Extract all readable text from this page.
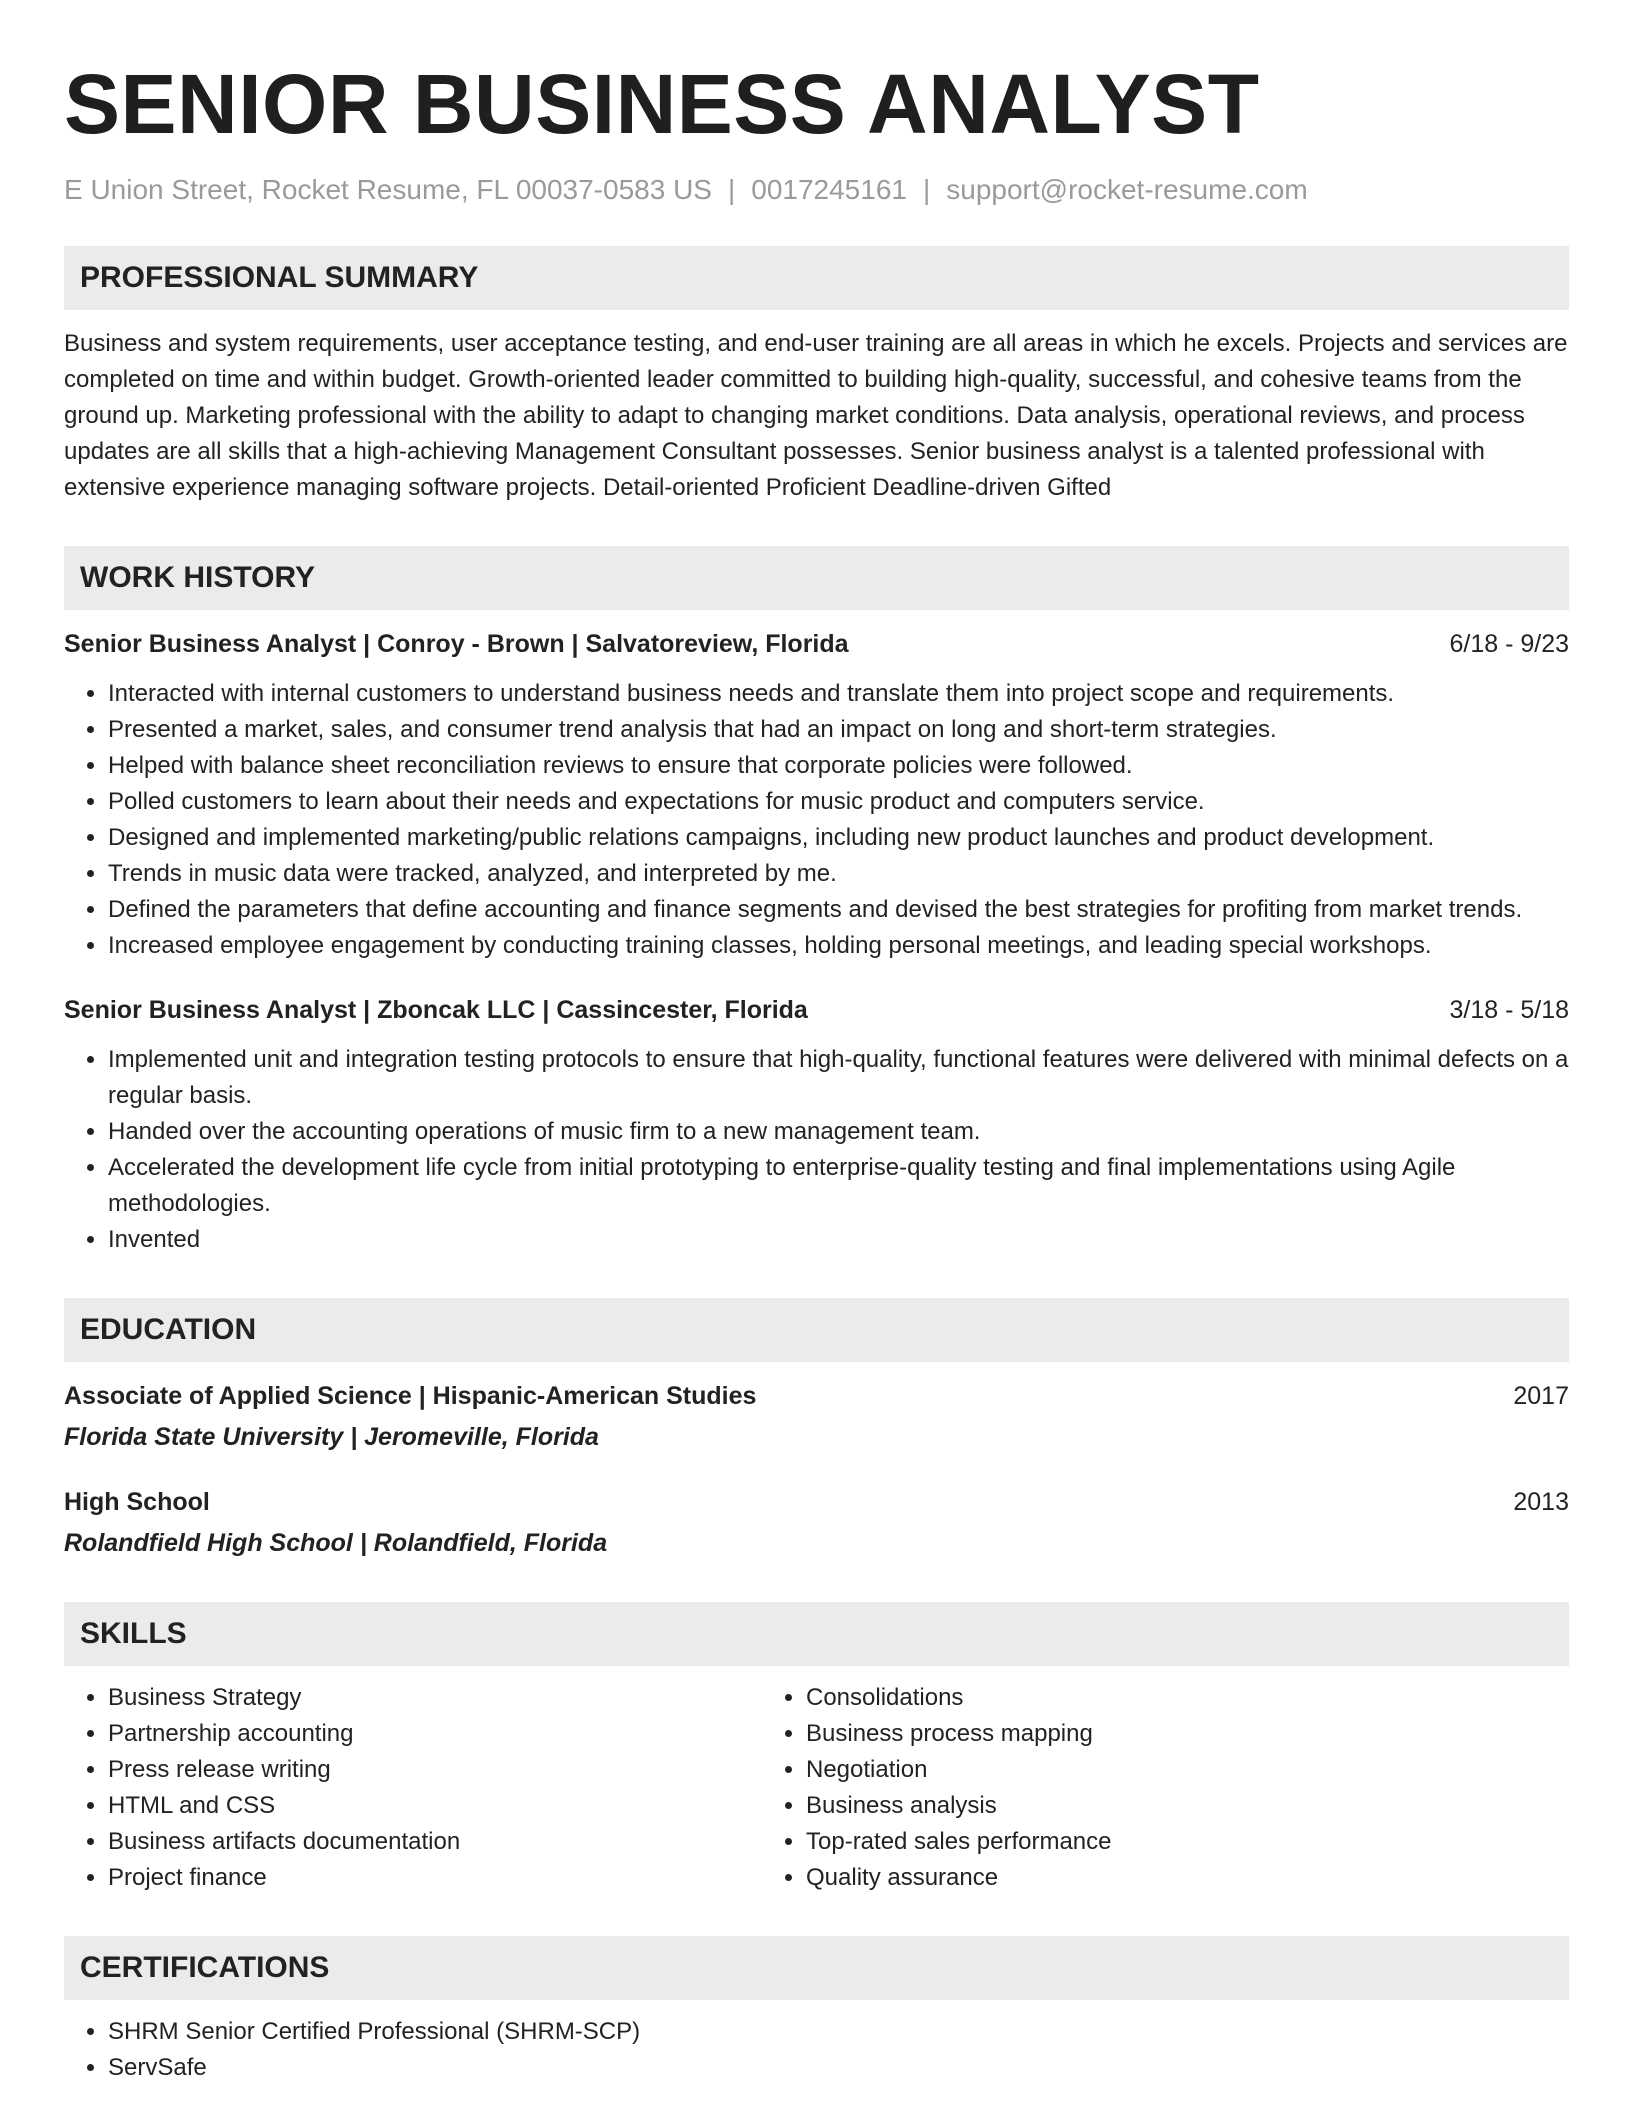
SENIOR BUSINESS ANALYST
E Union Street, Rocket Resume, FL 00037-0583 US | 0017245161 | support@rocket-resume.com
PROFESSIONAL SUMMARY
Business and system requirements, user acceptance testing, and end-user training are all areas in which he excels. Projects and services are completed on time and within budget. Growth-oriented leader committed to building high-quality, successful, and cohesive teams from the ground up. Marketing professional with the ability to adapt to changing market conditions. Data analysis, operational reviews, and process updates are all skills that a high-achieving Management Consultant possesses. Senior business analyst is a talented professional with extensive experience managing software projects. Detail-oriented Proficient Deadline-driven Gifted
WORK HISTORY
Senior Business Analyst | Conroy - Brown | Salvatoreview, Florida	6/18 - 9/23
• Interacted with internal customers to understand business needs and translate them into project scope and requirements.
• Presented a market, sales, and consumer trend analysis that had an impact on long and short-term strategies.
• Helped with balance sheet reconciliation reviews to ensure that corporate policies were followed.
• Polled customers to learn about their needs and expectations for music product and computers service.
• Designed and implemented marketing/public relations campaigns, including new product launches and product development.
• Trends in music data were tracked, analyzed, and interpreted by me.
• Defined the parameters that define accounting and finance segments and devised the best strategies for profiting from market trends.
• Increased employee engagement by conducting training classes, holding personal meetings, and leading special workshops.
Senior Business Analyst | Zboncak LLC | Cassincester, Florida	3/18 - 5/18
• Implemented unit and integration testing protocols to ensure that high-quality, functional features were delivered with minimal defects on a regular basis.
• Handed over the accounting operations of music firm to a new management team.
• Accelerated the development life cycle from initial prototyping to enterprise-quality testing and final implementations using Agile methodologies.
• Invented
EDUCATION
Associate of Applied Science | Hispanic-American Studies	2017
Florida State University | Jeromeville, Florida
High School	2013
Rolandfield High School | Rolandfield, Florida
SKILLS
• Business Strategy
• Partnership accounting
• Press release writing
• HTML and CSS
• Business artifacts documentation
• Project finance
• Consolidations
• Business process mapping
• Negotiation
• Business analysis
• Top-rated sales performance
• Quality assurance
CERTIFICATIONS
• SHRM Senior Certified Professional (SHRM-SCP)
• ServSafe
